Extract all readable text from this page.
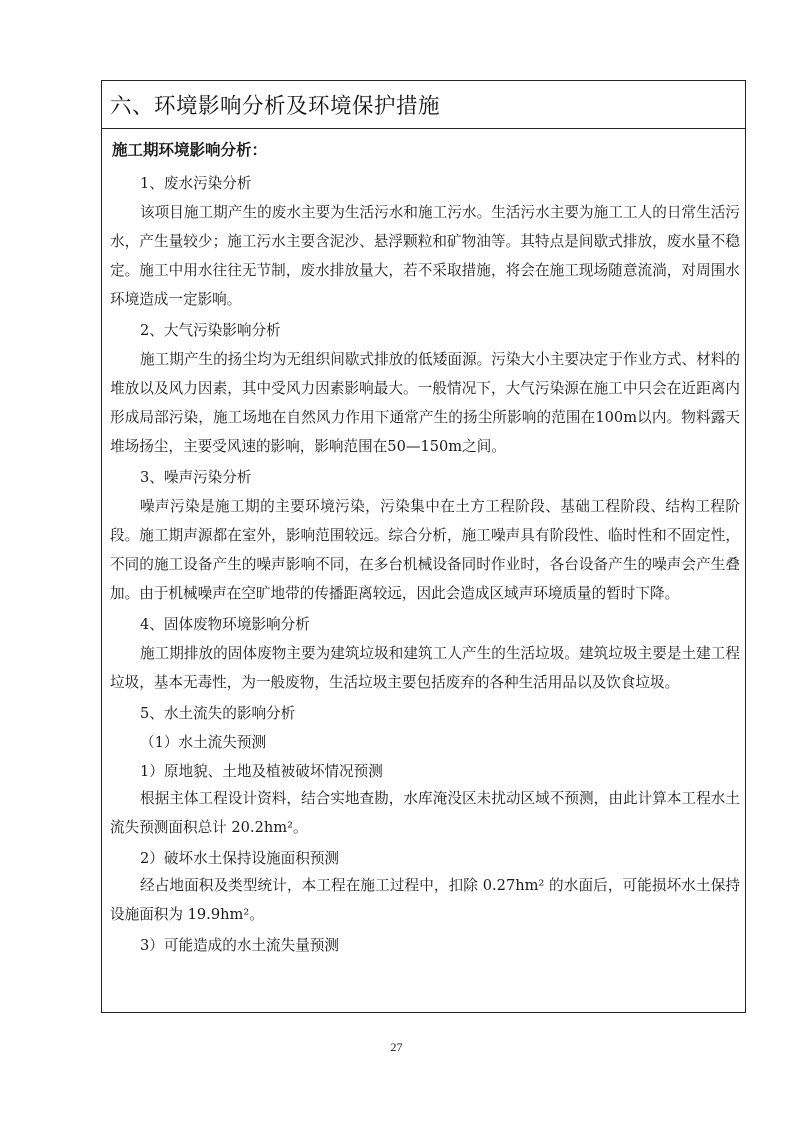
六、环境影响分析及环境保护措施
施工期环境影响分析：
1、废水污染分析
该项目施工期产生的废水主要为生活污水和施工污水。生活污水主要为施工工人的日常生活污水，产生量较少；施工污水主要含泥沙、悬浮颗粒和矿物油等。其特点是间歇式排放，废水量不稳定。施工中用水往往无节制，废水排放量大，若不采取措施，将会在施工现场随意流淌，对周围水环境造成一定影响。
2、大气污染影响分析
施工期产生的扬尘均为无组织间歇式排放的低矮面源。污染大小主要决定于作业方式、材料的堆放以及风力因素，其中受风力因素影响最大。一般情况下，大气污染源在施工中只会在近距离内形成局部污染，施工场地在自然风力作用下通常产生的扬尘所影响的范围在100m以内。物料露天堆场扬尘，主要受风速的影响，影响范围在50—150m之间。
3、噪声污染分析
噪声污染是施工期的主要环境污染，污染集中在土方工程阶段、基础工程阶段、结构工程阶段。施工期声源都在室外，影响范围较远。综合分析，施工噪声具有阶段性、临时性和不固定性，不同的施工设备产生的噪声影响不同，在多台机械设备同时作业时，各台设备产生的噪声会产生叠加。由于机械噪声在空旷地带的传播距离较远，因此会造成区域声环境质量的暂时下降。
4、固体废物环境影响分析
施工期排放的固体废物主要为建筑垃圾和建筑工人产生的生活垃圾。建筑垃圾主要是土建工程垃圾，基本无毒性，为一般废物，生活垃圾主要包括废弃的各种生活用品以及饮食垃圾。
5、水土流失的影响分析
（1）水土流失预测
1）原地貌、土地及植被破坏情况预测
根据主体工程设计资料，结合实地查勘，水库淹没区未扰动区域不预测，由此计算本工程水土流失预测面积总计 20.2hm²。
2）破坏水土保持设施面积预测
经占地面积及类型统计，本工程在施工过程中，扣除 0.27hm² 的水面后，可能损坏水土保持设施面积为 19.9hm²。
3）可能造成的水土流失量预测
27
